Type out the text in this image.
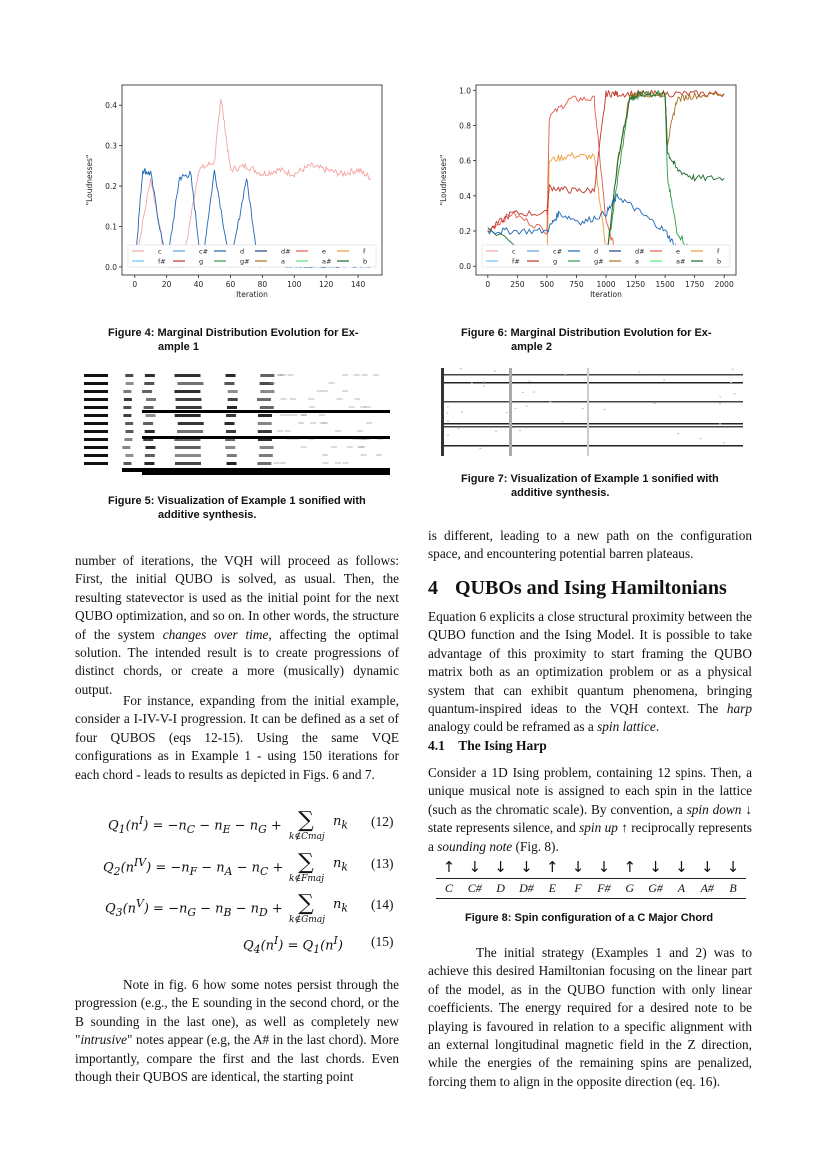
0.0
0.1
0.2
0.3
0.4
0	20	40	60	80	100 120 140
Iteration
"Loudnesses"
c	c#	d	d#	e	f
f#	g	g#	a	a#	b
Figure 4: Marginal Distribution Evolution for Ex-
ample 1
Figure 5: Visualization of Example 1 sonified with
additive synthesis.
0.0
0.2
0.4
0.6
0.8
1.0
0	250 500 750 1000 1250 1500 1750 2000
Iteration
"Loudnesses"
c	c#	d	d#	e	f
f#	g	g#	a	a#	b
Figure 6: Marginal Distribution Evolution for Ex-
ample 2
Figure 7: Visualization of Example 1 sonified with
additive synthesis.

number of iterations, the VQH will proceed as follows: First, the initial QUBO is solved, as usual. Then, the resulting statevector is used as the initial point for the next QUBO optimization, and so on. In other words, the structure of the system changes over time, affecting the optimal solution. The intended result is to create progressions of distinct chords, or create a more (musically) dynamic output.

For instance, expanding from the initial example, consider a I-IV-V-I progression. It can be defined as a set of four QUBOS (eqs 12-15). Using the same VQE configurations as in Example 1 - using 150 iterations for each chord - leads to results as depicted in Figs. 6 and 7.

$Q_1(n^I) = -n_C - n_E - n_G$ + ∑
k∉Cmaj
$n_k$ (12)
$Q_2(n^{IV}) = -n_F - n_A - n_C$ + ∑
k∉Fmaj
$n_k$ (13)
$Q_3(n^V) = -n_G - n_B - n_D$ + ∑
k∉Gmaj
$n_k$ (14)
$Q_4(n^I) = Q_1(n^I)$ (15)

Note in fig. 6 how some notes persist through the progression (e.g., the E sounding in the second chord, or the B sounding in the last one), as well as completely new "intrusive" notes appear (e.g, the A# in the last chord). More importantly, compare the first and the last chords. Even though their QUBOS are identical, the starting point

is different, leading to a new path on the configuration space, and encountering potential barren plateaus.

4 QUBOs and Ising Hamiltonians

Equation 6 explicits a close structural proximity between the QUBO function and the Ising Model. It is possible to take advantage of this proximity to start framing the QUBO matrix both as an optimization problem or as a physical system that can exhibit quantum phenomena, bringing quantum-inspired ideas to the VQH context. The harp analogy could be reframed as a spin lattice.

4.1 The Ising Harp

Consider a 1D Ising problem, containing 12 spins. Then, a unique musical note is assigned to each spin in the lattice (such as the chromatic scale). By convention, a spin down ↓ state represents silence, and spin up ↑ reciprocally represents a sounding note (Fig. 8).

↑ ↓ ↓ ↓ ↑ ↓ ↓ ↑ ↓ ↓ ↓ ↓
C	C#	D	D#	E	F	F#	G	G#	A	A#	B
Figure 8: Spin configuration of a C Major Chord

The initial strategy (Examples 1 and 2) was to achieve this desired Hamiltonian focusing on the linear part of the model, as in the QUBO function with only linear coefficients. The energy required for a desired note to be playing is favoured in relation to a specific alignment with an external longitudinal magnetic field in the Z direction, while the energies of the remaining spins are penalized, forcing them to align in the opposite direction (eq. 16).
